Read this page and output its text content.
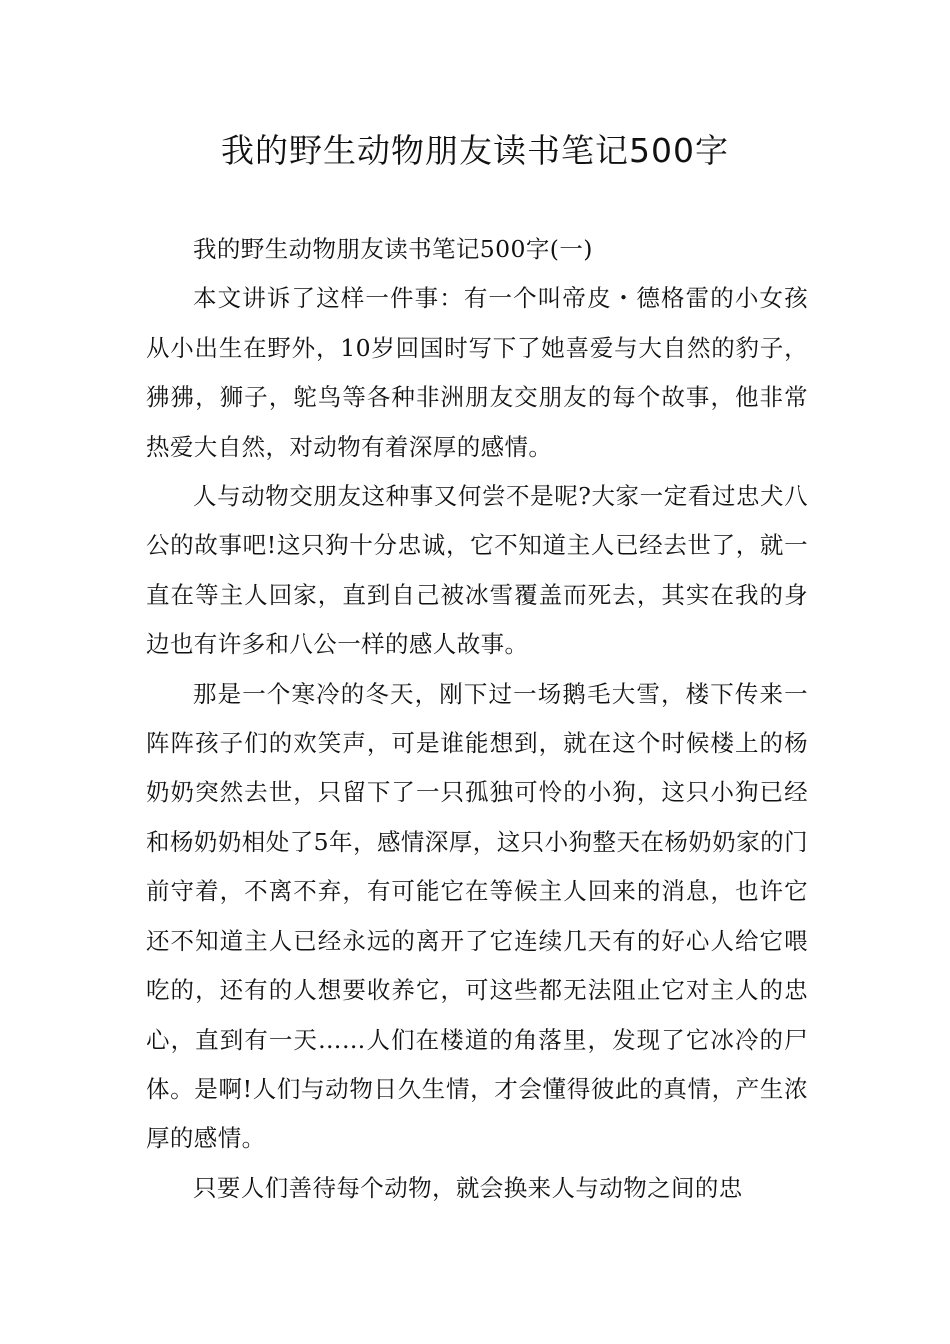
我的野生动物朋友读书笔记500字

我的野生动物朋友读书笔记500字(一)

本文讲诉了这样一件事：有一个叫帝皮・德格雷的小女孩从小出生在野外，10岁回国时写下了她喜爱与大自然的豹子，狒狒，狮子，鸵鸟等各种非洲朋友交朋友的每个故事，他非常热爱大自然，对动物有着深厚的感情。

人与动物交朋友这种事又何尝不是呢?大家一定看过忠犬八公的故事吧!这只狗十分忠诚，它不知道主人已经去世了，就一直在等主人回家，直到自己被冰雪覆盖而死去，其实在我的身边也有许多和八公一样的感人故事。

那是一个寒冷的冬天，刚下过一场鹅毛大雪，楼下传来一阵阵孩子们的欢笑声，可是谁能想到，就在这个时候楼上的杨奶奶突然去世，只留下了一只孤独可怜的小狗，这只小狗已经和杨奶奶相处了5年，感情深厚，这只小狗整天在杨奶奶家的门前守着，不离不弃，有可能它在等候主人回来的消息，也许它还不知道主人已经永远的离开了它连续几天有的好心人给它喂吃的，还有的人想要收养它，可这些都无法阻止它对主人的忠心，直到有一天……人们在楼道的角落里，发现了它冰冷的尸体。是啊!人们与动物日久生情，才会懂得彼此的真情，产生浓厚的感情。

只要人们善待每个动物，就会换来人与动物之间的忠
